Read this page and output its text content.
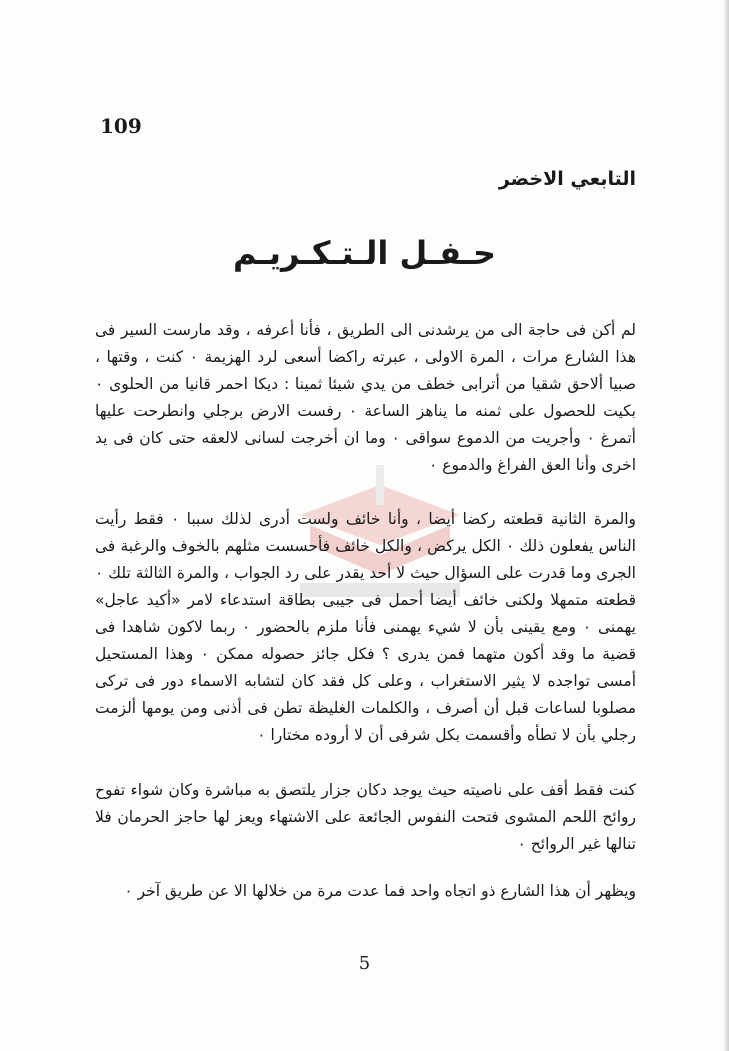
109
التابعي الاخضر
حـفـل الـتـكـريـم

لم أكن فى حاجة الى من يرشدنى الى الطريق ، فأنا أعرفه ، وقد مارست السير فى هذا الشارع مرات ، المرة الاولى ، عبرته راكضا أسعى لرد الهزيمة ٠ كنت ، وقتها ، صبيا ألاحق شقيا من أترابى خطف من يدي شيئا ثمينا : ديكا احمر قانيا من الحلوى ٠ بكيت للحصول على ثمنه ما يناهز الساعة ٠ رفست الارض برجلي وانطرحت عليها أتمرغ ٠ وأجريت من الدموع سواقى ٠ وما ان أخرجت لسانى لالعقه حتى كان فى يد اخرى وأنا العق الفراغ والدموع ٠

والمرة الثانية قطعته ركضا أيضا ، وأنا خائف ولست أدرى لذلك سببا ٠ فقط رأيت الناس يفعلون ذلك ٠ الكل يركض ، والكل خائف فأحسست مثلهم بالخوف والرغبة فى الجرى وما قدرت على السؤال حيث لا أحد يقدر على رد الجواب ، والمرة الثالثة تلك ٠ قطعته متمهلا ولكنى خائف أيضا أحمل فى جيبى بطاقة استدعاء لامر «أكيد عاجل» يهمنى ٠ ومع يقينى بأن لا شيء يهمنى فأنا ملزم بالحضور ٠ ربما لاكون شاهدا فى قضية ما وقد أكون متهما فمن يدرى ؟ فكل جائز حصوله ممكن ٠ وهذا المستحيل أمسى تواجده لا يثير الاستغراب ، وعلى كل فقد كان لتشابه الاسماء دور فى تركى مصلوبا لساعات قبل أن أصرف ، والكلمات الغليظة تطن فى أذنى ومن يومها ألزمت رجلي بأن لا تطأه وأقسمت بكل شرفى أن لا أروده مختارا ٠

كنت فقط أقف على ناصيته حيث يوجد دكان جزار يلتصق به مباشرة وكان شواء تفوح روائح اللحم المشوى فتحت النفوس الجائعة على الاشتهاء ويعز لها حاجز الحرمان فلا تنالها غير الروائح ٠

ويظهر أن هذا الشارع ذو اتجاه واحد فما عدت مرة من خلالها الا عن طريق آخر ٠

5
